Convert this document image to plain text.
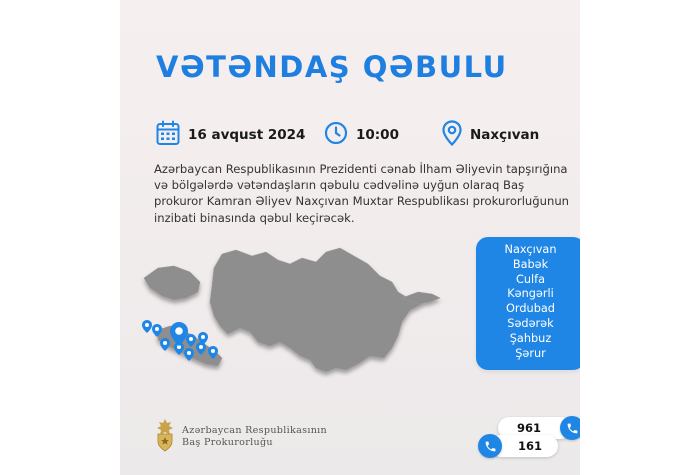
VƏTƏNDAŞ QƏBULU
16 avqust 2024	10:00	Naxçıvan

Azərbaycan Respublikasının Prezidenti cənab İlham Əliyevin tapşırığına və bölgələrdə vətəndaşların qəbulu cədvəlinə uyğun olaraq Baş prokuror Kamran Əliyev Naxçıvan Muxtar Respublikası prokurorluğunun inzibati binasında qəbul keçirəcək.

Naxçıvan
Babək
Culfa
Kəngərli
Ordubad
Sədərək
Şahbuz
Şərur
Azərbaycan Respublikasının
Baş Prokurorluğu
961
161
